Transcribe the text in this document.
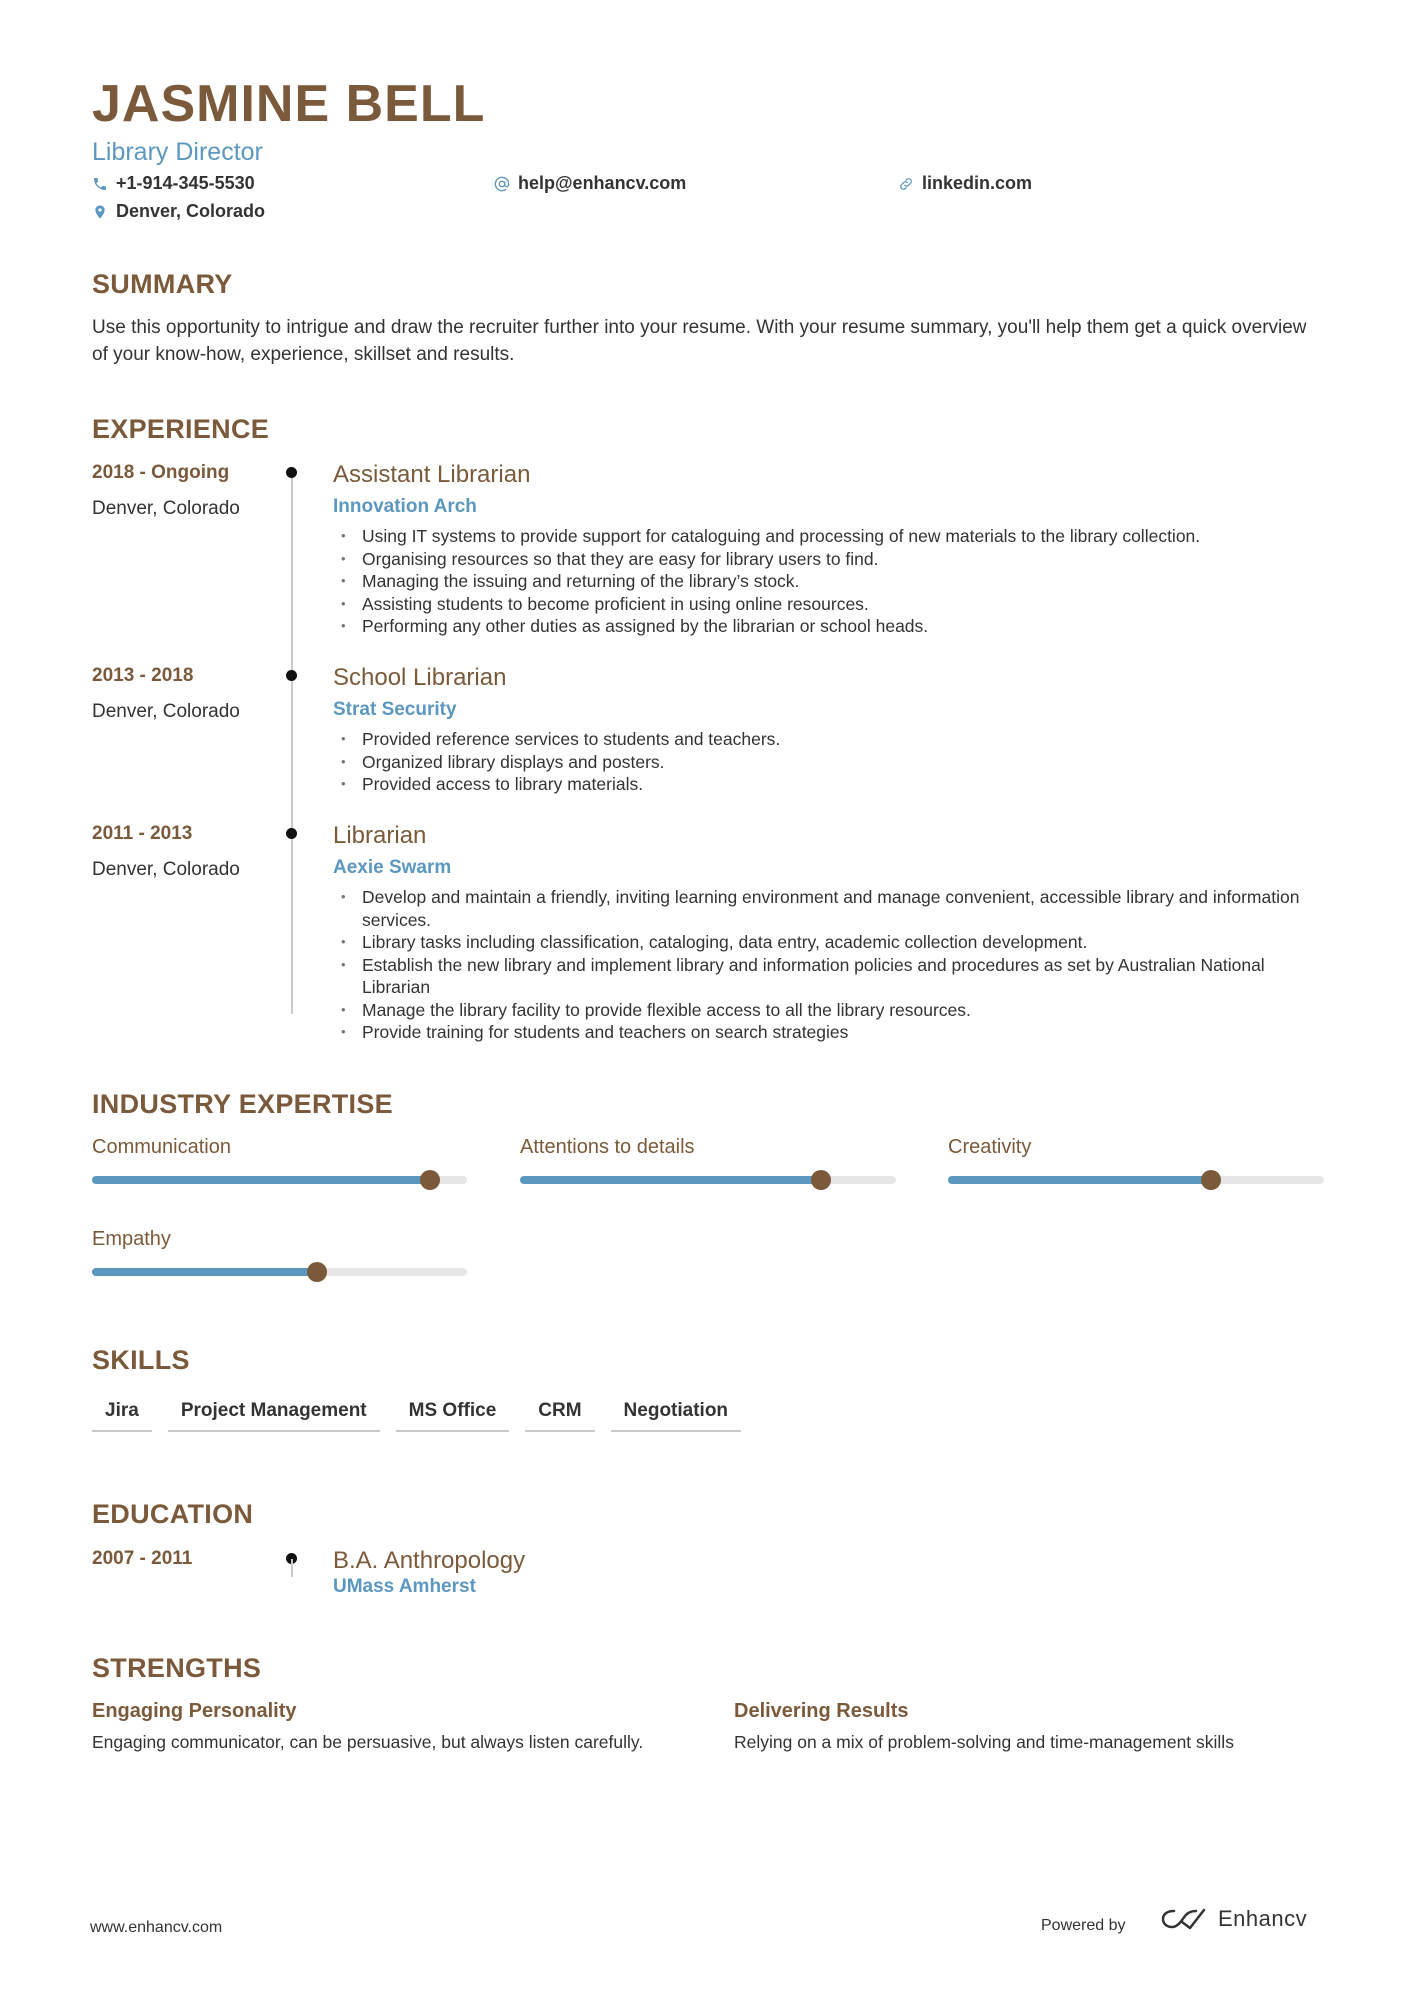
JASMINE BELL
Library Director
+1-914-345-5530	help@enhancv.com	linkedin.com
Denver, Colorado
SUMMARY
Use this opportunity to intrigue and draw the recruiter further into your resume. With your resume summary, you'll help them get a quick overview of your know-how, experience, skillset and results.
EXPERIENCE
2018 - Ongoing
Denver, Colorado
Assistant Librarian
Innovation Arch
• Using IT systems to provide support for cataloguing and processing of new materials to the library collection.
• Organising resources so that they are easy for library users to find.
• Managing the issuing and returning of the library’s stock.
• Assisting students to become proficient in using online resources.
• Performing any other duties as assigned by the librarian or school heads.
2013 - 2018
Denver, Colorado
School Librarian
Strat Security
• Provided reference services to students and teachers.
• Organized library displays and posters.
• Provided access to library materials.
2011 - 2013
Denver, Colorado
Librarian
Aexie Swarm
• Develop and maintain a friendly, inviting learning environment and manage convenient, accessible library and information services.
• Library tasks including classification, cataloging, data entry, academic collection development.
• Establish the new library and implement library and information policies and procedures as set by Australian National Librarian
• Manage the library facility to provide flexible access to all the library resources.
• Provide training for students and teachers on search strategies
INDUSTRY EXPERTISE
Communication	Attentions to details	Creativity
Empathy
SKILLS
Jira	Project Management	MS Office	CRM	Negotiation
EDUCATION
2007 - 2011	B.A. Anthropology
UMass Amherst
STRENGTHS
Engaging Personality
Engaging communicator, can be persuasive, but always listen carefully.
Delivering Results
Relying on a mix of problem-solving and time-management skills
www.enhancv.com	Powered by	Enhancv
